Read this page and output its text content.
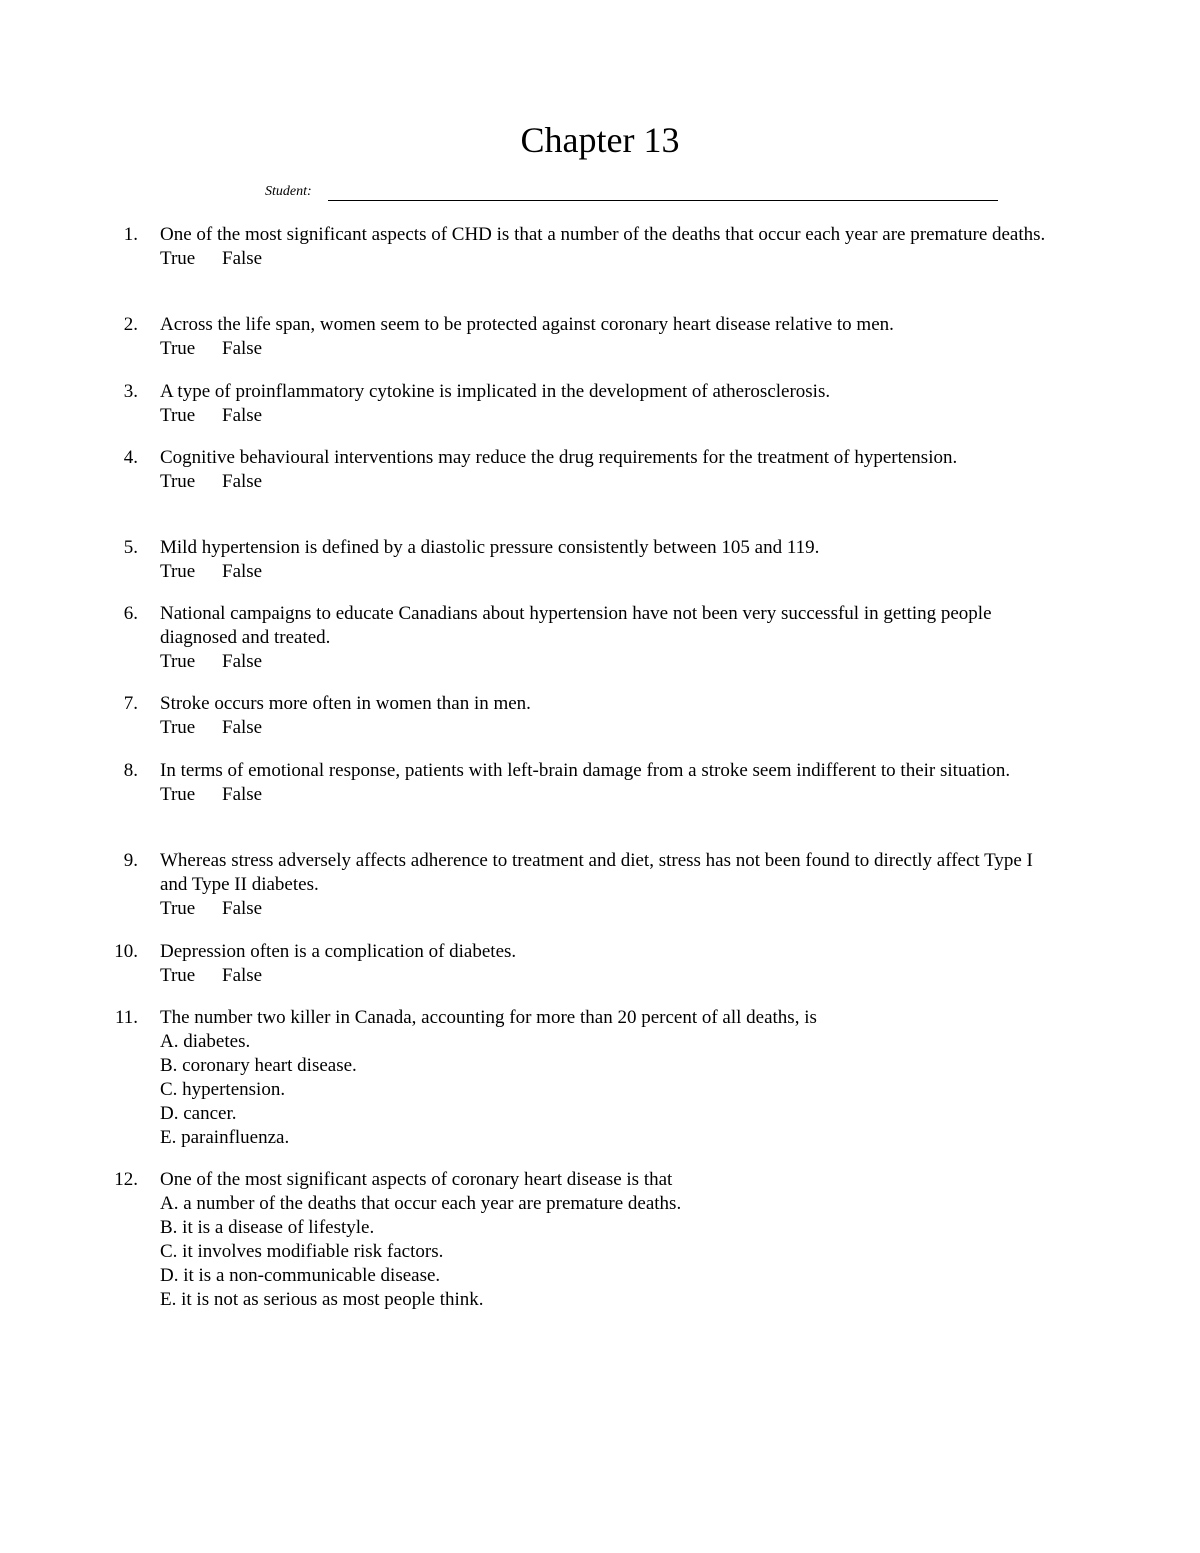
Chapter 13
Student:
1. One of the most significant aspects of CHD is that a number of the deaths that occur each year are premature deaths.
True False
2. Across the life span, women seem to be protected against coronary heart disease relative to men.
True False
3. A type of proinflammatory cytokine is implicated in the development of atherosclerosis.
True False
4. Cognitive behavioural interventions may reduce the drug requirements for the treatment of hypertension.
True False
5. Mild hypertension is defined by a diastolic pressure consistently between 105 and 119.
True False
6. National campaigns to educate Canadians about hypertension have not been very successful in getting people diagnosed and treated.
True False
7. Stroke occurs more often in women than in men.
True False
8. In terms of emotional response, patients with left-brain damage from a stroke seem indifferent to their situation.
True False
9. Whereas stress adversely affects adherence to treatment and diet, stress has not been found to directly affect Type I and Type II diabetes.
True False
10. Depression often is a complication of diabetes.
True False
11. The number two killer in Canada, accounting for more than 20 percent of all deaths, is
A. diabetes.
B. coronary heart disease.
C. hypertension.
D. cancer.
E. parainfluenza.
12. One of the most significant aspects of coronary heart disease is that
A. a number of the deaths that occur each year are premature deaths.
B. it is a disease of lifestyle.
C. it involves modifiable risk factors.
D. it is a non-communicable disease.
E. it is not as serious as most people think.
